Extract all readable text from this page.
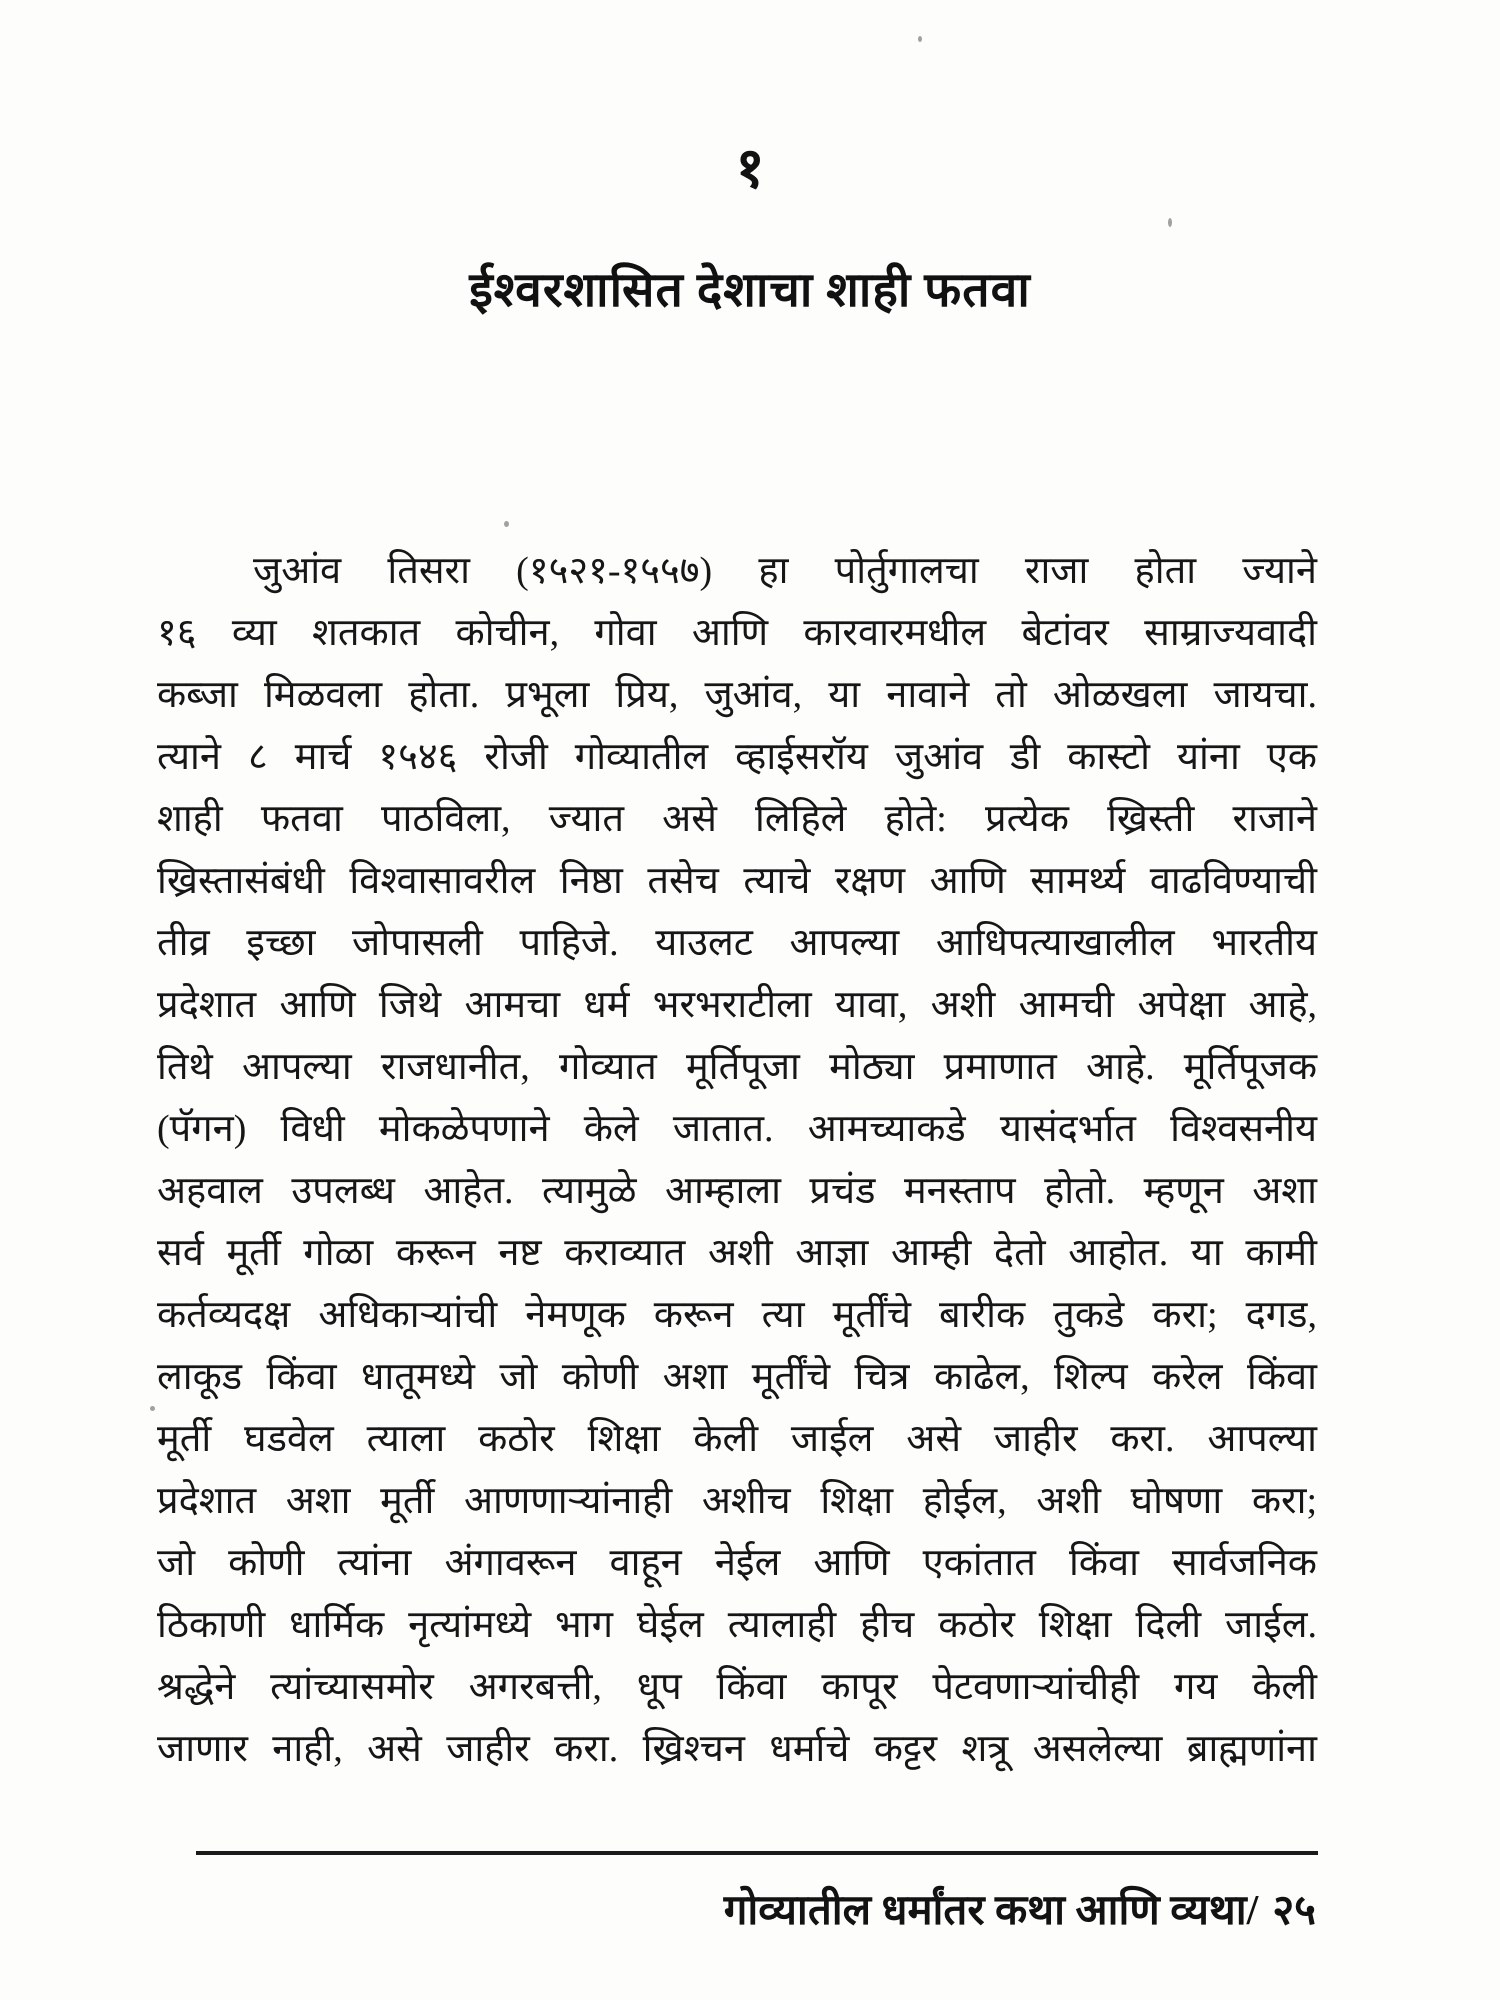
१
ईश्वरशासित देशाचा शाही फतवा
जुआंव तिसरा (१५२१-१५५७) हा पोर्तुगालचा राजा होता ज्याने
१६ व्या शतकात कोचीन, गोवा आणि कारवारमधील बेटांवर साम्राज्यवादी
कब्जा मिळवला होता. प्रभूला प्रिय, जुआंव, या नावाने तो ओळखला जायचा.
त्याने ८ मार्च १५४६ रोजी गोव्यातील व्हाईसरॉय जुआंव डी कास्टो यांना एक
शाही फतवा पाठविला, ज्यात असे लिहिले होते: प्रत्येक ख्रिस्ती राजाने
ख्रिस्तासंबंधी विश्वासावरील निष्ठा तसेच त्याचे रक्षण आणि सामर्थ्य वाढविण्याची
तीव्र इच्छा जोपासली पाहिजे. याउलट आपल्या आधिपत्याखालील भारतीय
प्रदेशात आणि जिथे आमचा धर्म भरभराटीला यावा, अशी आमची अपेक्षा आहे,
तिथे आपल्या राजधानीत, गोव्यात मूर्तिपूजा मोठ्या प्रमाणात आहे. मूर्तिपूजक
(पॅगन) विधी मोकळेपणाने केले जातात. आमच्याकडे यासंदर्भात विश्वसनीय
अहवाल उपलब्ध आहेत. त्यामुळे आम्हाला प्रचंड मनस्ताप होतो. म्हणून अशा
सर्व मूर्ती गोळा करून नष्ट कराव्यात अशी आज्ञा आम्ही देतो आहोत. या कामी
कर्तव्यदक्ष अधिकाऱ्यांची नेमणूक करून त्या मूर्तींचे बारीक तुकडे करा; दगड,
लाकूड किंवा धातूमध्ये जो कोणी अशा मूर्तींचे चित्र काढेल, शिल्प करेल किंवा
मूर्ती घडवेल त्याला कठोर शिक्षा केली जाईल असे जाहीर करा. आपल्या
प्रदेशात अशा मूर्ती आणणाऱ्यांनाही अशीच शिक्षा होईल, अशी घोषणा करा;
जो कोणी त्यांना अंगावरून वाहून नेईल आणि एकांतात किंवा सार्वजनिक
ठिकाणी धार्मिक नृत्यांमध्ये भाग घेईल त्यालाही हीच कठोर शिक्षा दिली जाईल.
श्रद्धेने त्यांच्यासमोर अगरबत्ती, धूप किंवा कापूर पेटवणाऱ्यांचीही गय केली
जाणार नाही, असे जाहीर करा. ख्रिश्चन धर्माचे कट्टर शत्रू असलेल्या ब्राह्मणांना
गोव्यातील धर्मांतर कथा आणि व्यथा/ २५
